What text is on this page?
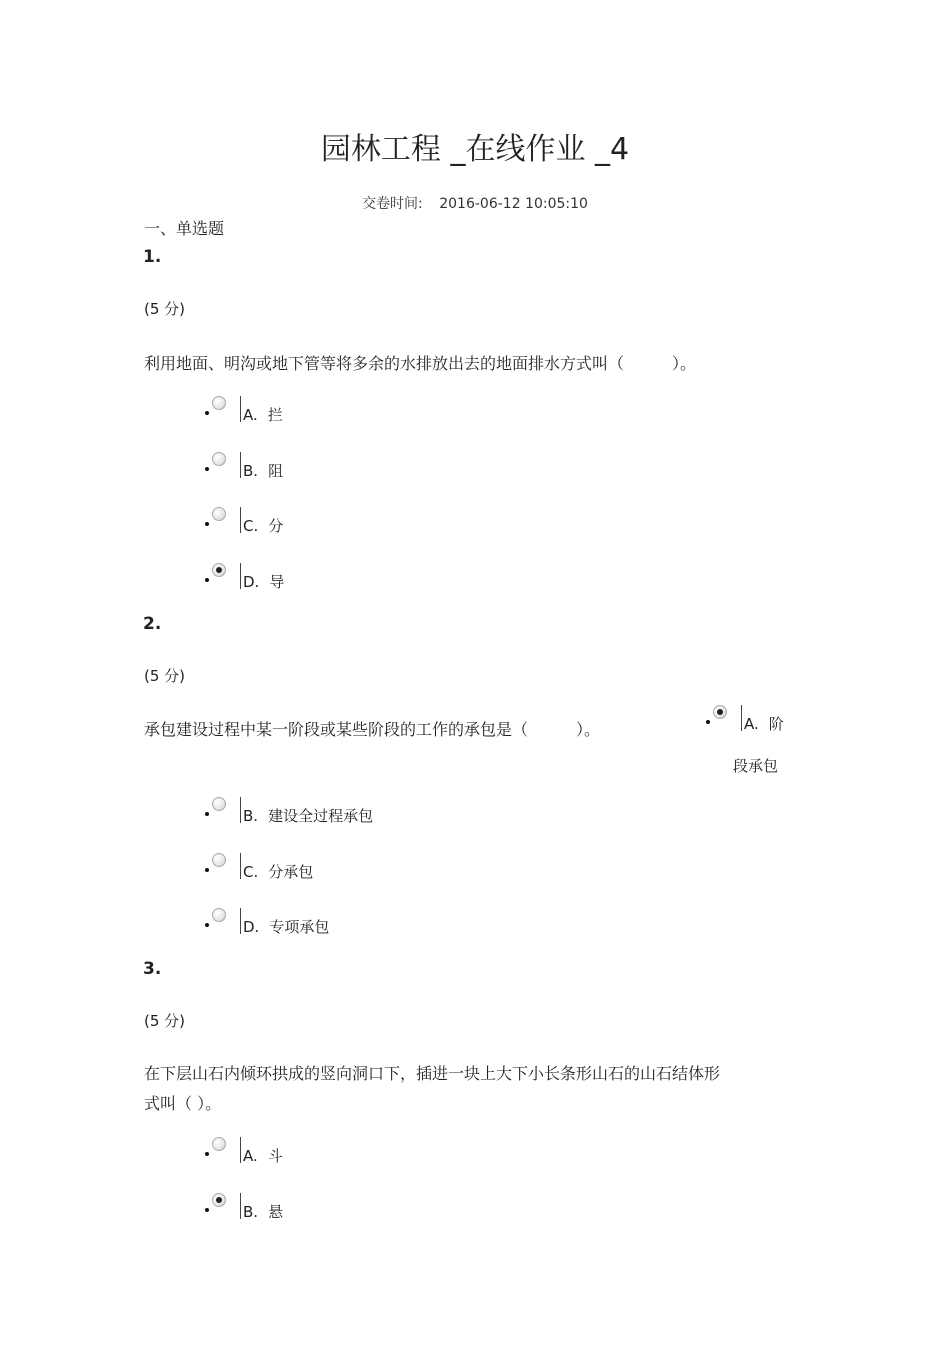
园林工程 _在线作业 _4
交卷时间: 2016-06-12 10:05:10
一、单选题
1.
(5 分)
利用地面、明沟或地下管等将多余的水排放出去的地面排水方式叫（　　　）。
A. 拦
B. 阻
C. 分
D. 导
2.
(5 分)
承包建设过程中某一阶段或某些阶段的工作的承包是（　　　）。	A. 阶
段承包
B. 建设全过程承包
C. 分承包
D. 专项承包
3.
(5 分)
在下层山石内倾环拱成的竖向洞口下，插进一块上大下小长条形山石的山石结体形
式叫（ ）。
A. 斗
B. 悬
